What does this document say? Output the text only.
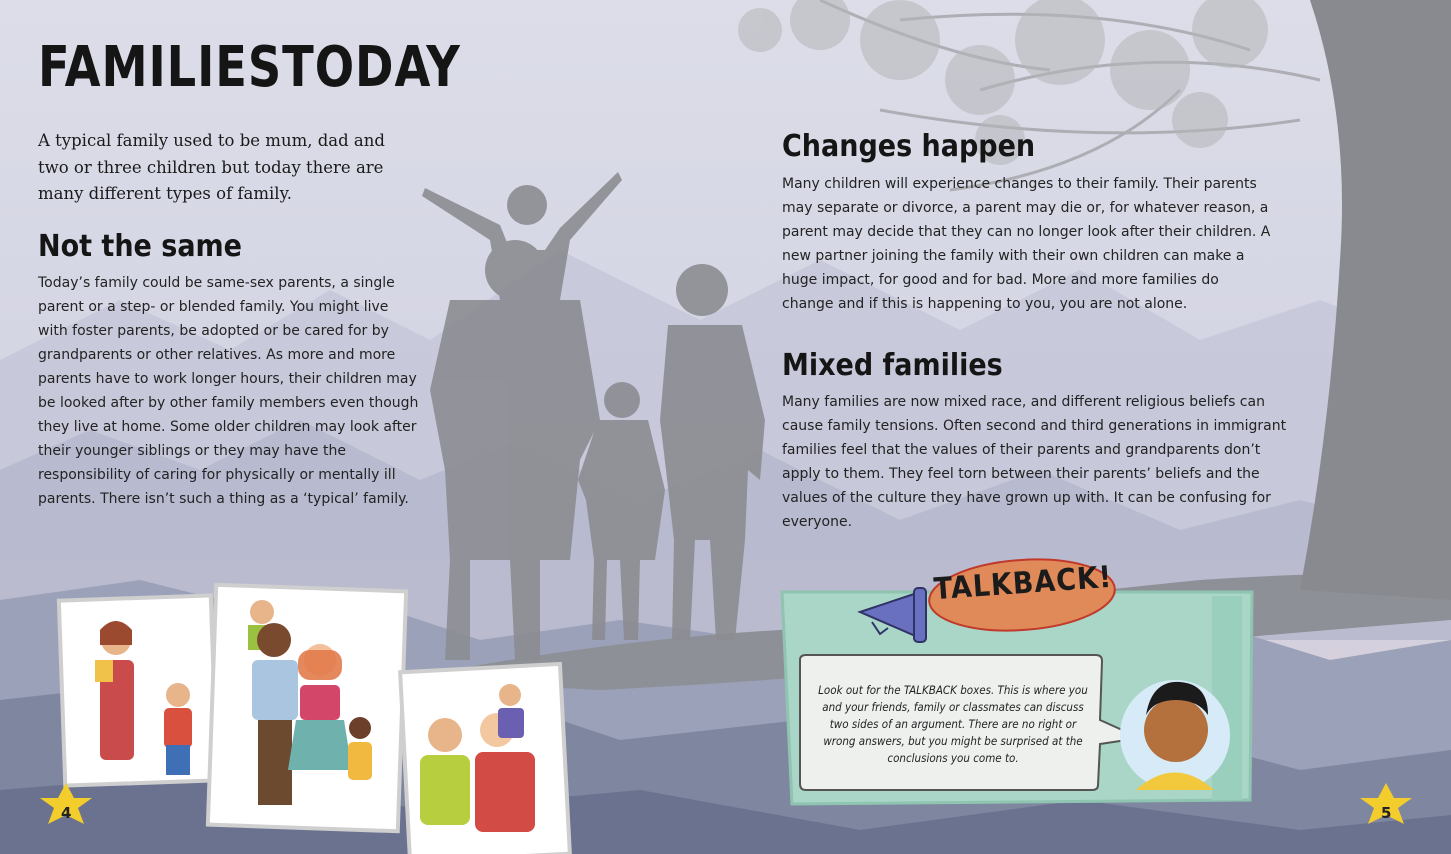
FAMILIESTODAY

A typical family used to be mum, dad and two or three children but today there are many different types of family.

Not the same

Today’s family could be same-sex parents, a single parent or a step- or blended family. You might live with foster parents, be adopted or be cared for by grandparents or other relatives. As more and more parents have to work longer hours, their children may be looked after by other family members even though they live at home. Some older children may look after their younger siblings or they may have the responsibility of caring for physically or mentally ill parents. There isn’t such a thing as a ‘typical’ family.

Changes happen

Many children will experience changes to their family. Their parents may separate or divorce, a parent may die or, for whatever reason, a parent may decide that they can no longer look after their children. A new partner joining the family with their own children can make a huge impact, for good and for bad. More and more families do change and if this is happening to you, you are not alone.

Mixed families

Many families are now mixed race, and different religious beliefs can cause family tensions. Often second and third generations in immigrant families feel that the values of their parents and grandparents don’t apply to them. They feel torn between their parents’ beliefs and the values of the culture they have grown up with. It can be confusing for everyone.

TALKBACK!

Look out for the TALKBACK boxes. This is where you and your friends, family or classmates can discuss two sides of an argument. There are no right or wrong answers, but you might be surprised at the conclusions you come to.

4	5
